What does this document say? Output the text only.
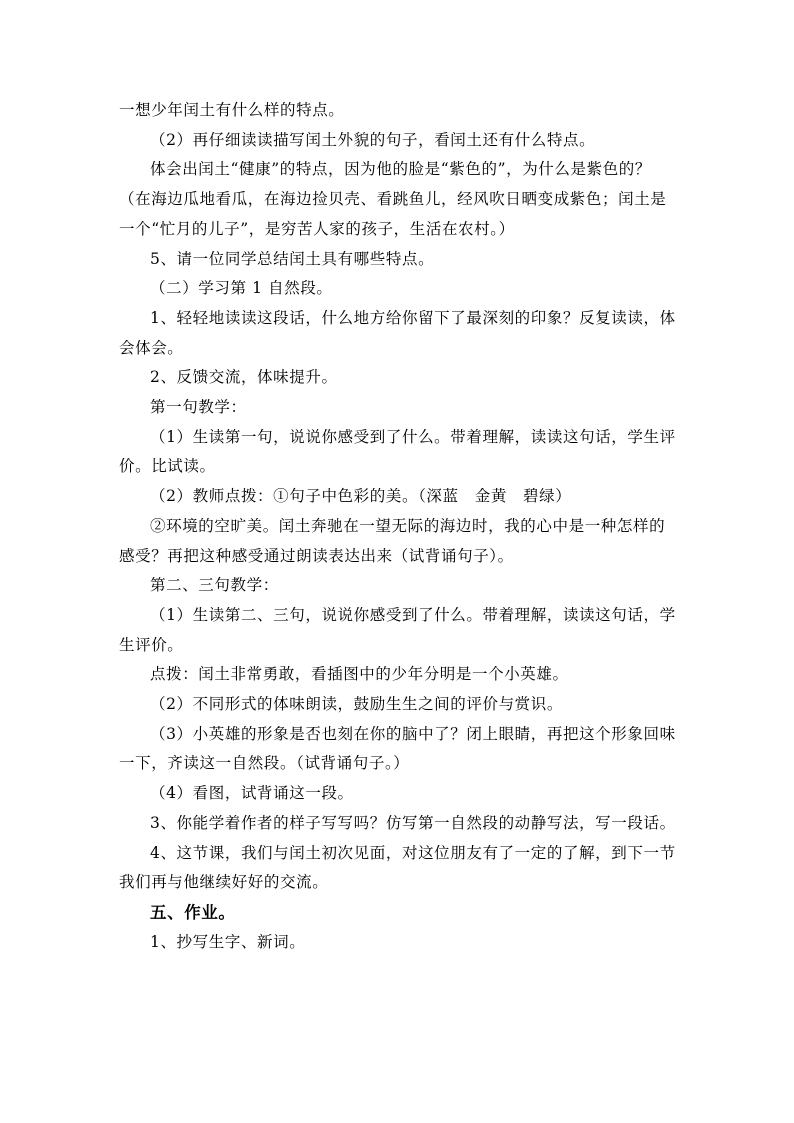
一想少年闰土有什么样的特点。

（2）再仔细读读描写闰土外貌的句子，看闰土还有什么特点。

体会出闰土“健康”的特点，因为他的脸是“紫色的”，为什么是紫色的？（在海边瓜地看瓜，在海边捡贝壳、看跳鱼儿，经风吹日晒变成紫色；闰土是一个“忙月的儿子”，是穷苦人家的孩子，生活在农村。）

5、请一位同学总结闰土具有哪些特点。

（二）学习第 1 自然段。

1、轻轻地读读这段话，什么地方给你留下了最深刻的印象？反复读读，体会体会。

2、反馈交流，体味提升。

第一句教学：

（1）生读第一句，说说你感受到了什么。带着理解，读读这句话，学生评价。比试读。

（2）教师点拨：①句子中色彩的美。（深蓝　金黄　碧绿）

②环境的空旷美。闰土奔驰在一望无际的海边时，我的心中是一种怎样的感受？再把这种感受通过朗读表达出来（试背诵句子）。

第二、三句教学：

（1）生读第二、三句，说说你感受到了什么。带着理解，读读这句话，学生评价。

点拨：闰土非常勇敢，看插图中的少年分明是一个小英雄。

（2）不同形式的体味朗读，鼓励生生之间的评价与赏识。

（3）小英雄的形象是否也刻在你的脑中了？闭上眼睛，再把这个形象回味一下，齐读这一自然段。（试背诵句子。）

（4）看图，试背诵这一段。

3、你能学着作者的样子写写吗？仿写第一自然段的动静写法，写一段话。

4、这节课，我们与闰土初次见面，对这位朋友有了一定的了解，到下一节我们再与他继续好好的交流。

五、作业。

1、抄写生字、新词。
